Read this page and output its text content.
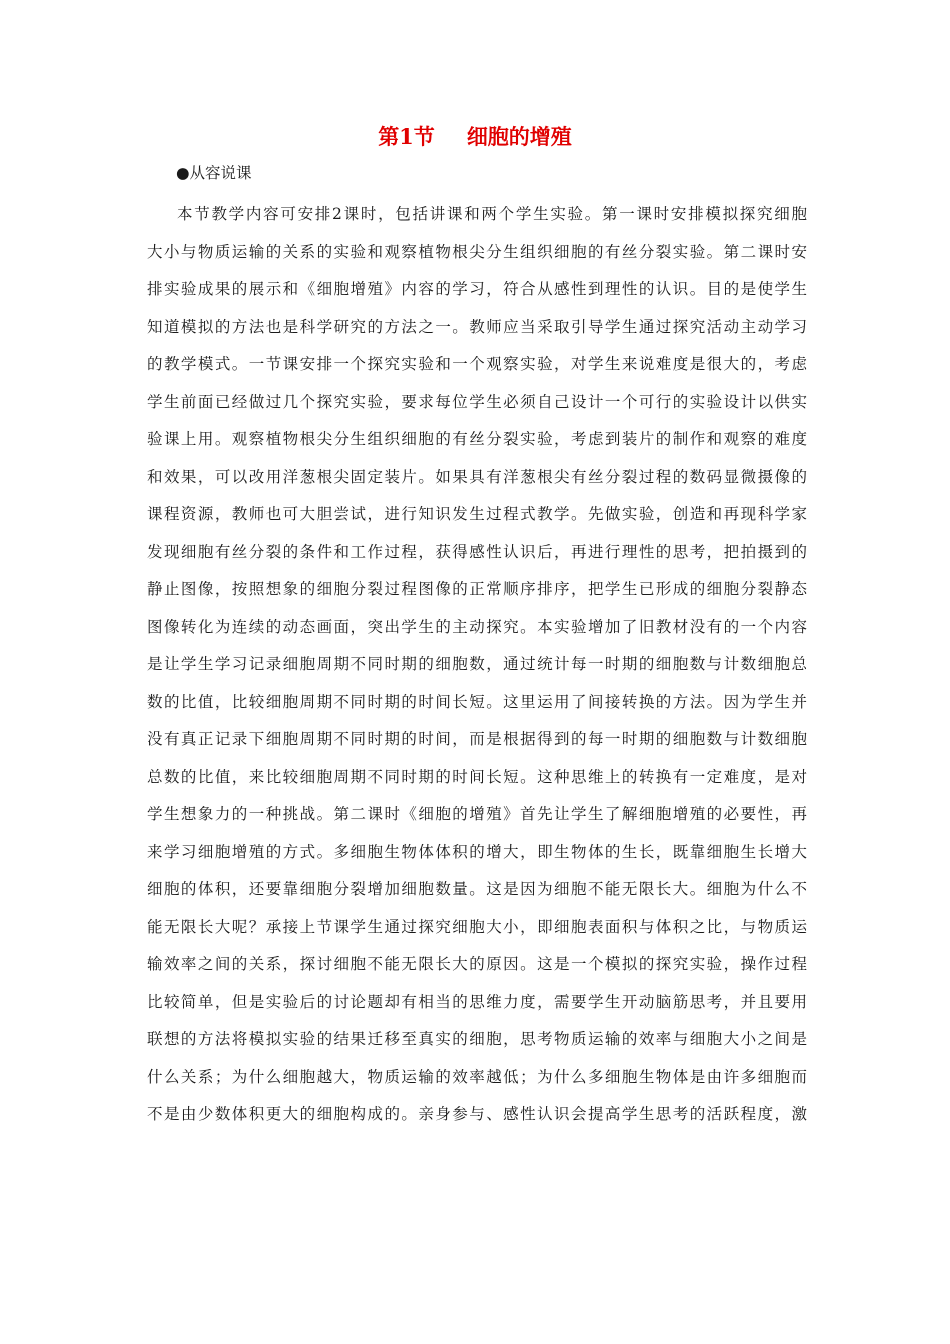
第1节 细胞的增殖
●从容说课
本节教学内容可安排2课时，包括讲课和两个学生实验。第一课时安排模拟探究细胞
大小与物质运输的关系的实验和观察植物根尖分生组织细胞的有丝分裂实验。第二课时安
排实验成果的展示和《细胞增殖》内容的学习，符合从感性到理性的认识。目的是使学生
知道模拟的方法也是科学研究的方法之一。教师应当采取引导学生通过探究活动主动学习
的教学模式。一节课安排一个探究实验和一个观察实验，对学生来说难度是很大的，考虑
学生前面已经做过几个探究实验，要求每位学生必须自己设计一个可行的实验设计以供实
验课上用。观察植物根尖分生组织细胞的有丝分裂实验，考虑到装片的制作和观察的难度
和效果，可以改用洋葱根尖固定装片。如果具有洋葱根尖有丝分裂过程的数码显微摄像的
课程资源，教师也可大胆尝试，进行知识发生过程式教学。先做实验，创造和再现科学家
发现细胞有丝分裂的条件和工作过程，获得感性认识后，再进行理性的思考，把拍摄到的
静止图像，按照想象的细胞分裂过程图像的正常顺序排序，把学生已形成的细胞分裂静态
图像转化为连续的动态画面，突出学生的主动探究。本实验增加了旧教材没有的一个内容
是让学生学习记录细胞周期不同时期的细胞数，通过统计每一时期的细胞数与计数细胞总
数的比值，比较细胞周期不同时期的时间长短。这里运用了间接转换的方法。因为学生并
没有真正记录下细胞周期不同时期的时间，而是根据得到的每一时期的细胞数与计数细胞
总数的比值，来比较细胞周期不同时期的时间长短。这种思维上的转换有一定难度，是对
学生想象力的一种挑战。第二课时《细胞的增殖》首先让学生了解细胞增殖的必要性，再
来学习细胞增殖的方式。多细胞生物体体积的增大，即生物体的生长，既靠细胞生长增大
细胞的体积，还要靠细胞分裂增加细胞数量。这是因为细胞不能无限长大。细胞为什么不
能无限长大呢？承接上节课学生通过探究细胞大小，即细胞表面积与体积之比，与物质运
输效率之间的关系，探讨细胞不能无限长大的原因。这是一个模拟的探究实验，操作过程
比较简单，但是实验后的讨论题却有相当的思维力度，需要学生开动脑筋思考，并且要用
联想的方法将模拟实验的结果迁移至真实的细胞，思考物质运输的效率与细胞大小之间是
什么关系；为什么细胞越大，物质运输的效率越低；为什么多细胞生物体是由许多细胞而
不是由少数体积更大的细胞构成的。亲身参与、感性认识会提高学生思考的活跃程度，激
